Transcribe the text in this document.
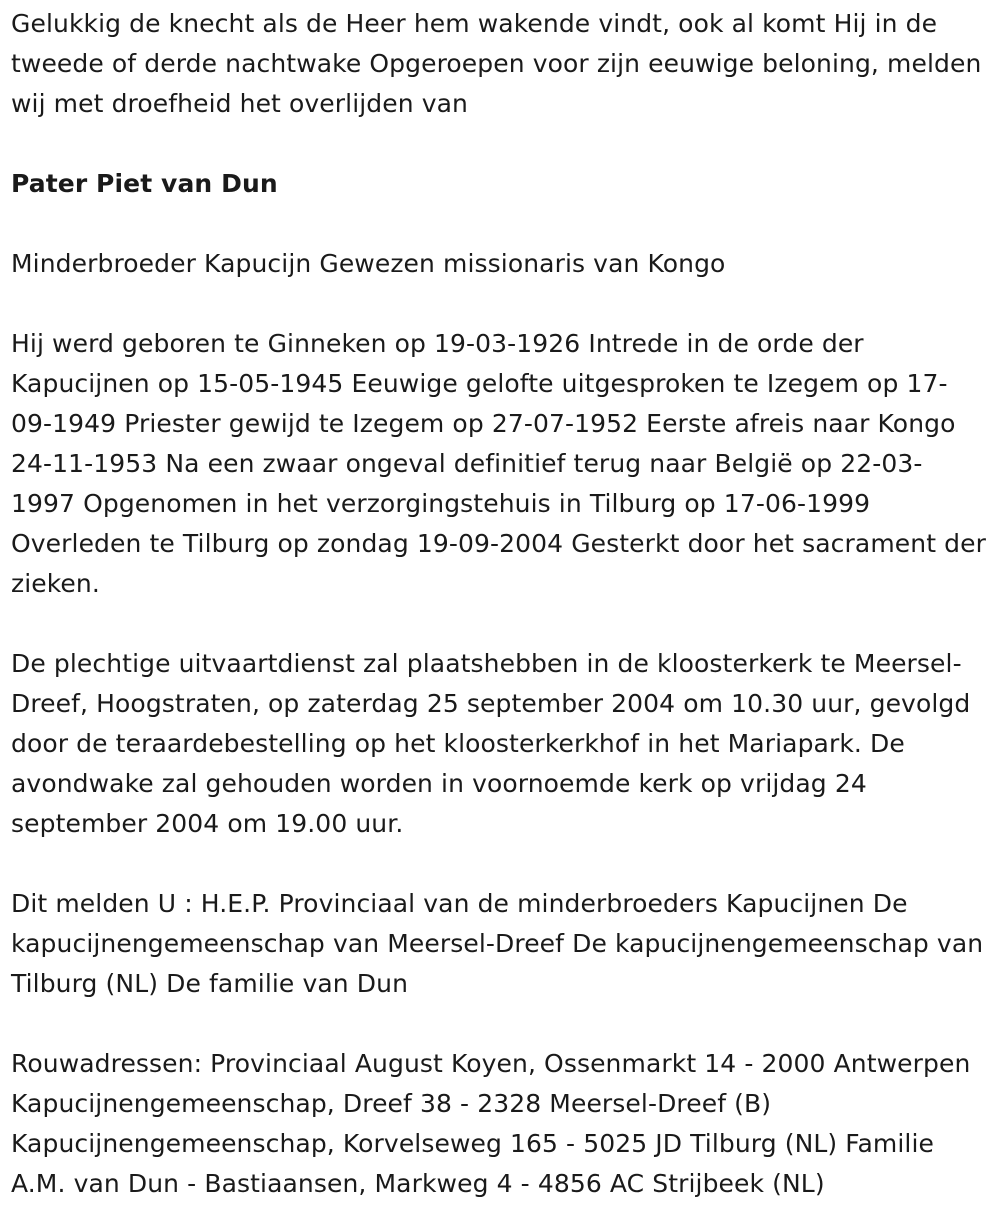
Gelukkig de knecht als de Heer hem wakende vindt, ook al komt Hij in de tweede of derde nachtwake Opgeroepen voor zijn eeuwige beloning, melden wij met droefheid het overlijden van

Pater Piet van Dun

Minderbroeder Kapucijn Gewezen missionaris van Kongo

Hij werd geboren te Ginneken op 19-03-1926 Intrede in de orde der Kapucijnen op 15-05-1945 Eeuwige gelofte uitgesproken te Izegem op 17-09-1949 Priester gewijd te Izegem op 27-07-1952 Eerste afreis naar Kongo 24-11-1953 Na een zwaar ongeval definitief terug naar België op 22-03-1997 Opgenomen in het verzorgingstehuis in Tilburg op 17-06-1999 Overleden te Tilburg op zondag 19-09-2004 Gesterkt door het sacrament der zieken.

De plechtige uitvaartdienst zal plaatshebben in de kloosterkerk te Meersel-Dreef, Hoogstraten, op zaterdag 25 september 2004 om 10.30 uur, gevolgd door de teraardebestelling op het kloosterkerkhof in het Mariapark. De avondwake zal gehouden worden in voornoemde kerk op vrijdag 24 september 2004 om 19.00 uur.

Dit melden U : H.E.P. Provinciaal van de minderbroeders Kapucijnen De kapucijnengemeenschap van Meersel-Dreef De kapucijnengemeenschap van Tilburg (NL) De familie van Dun

Rouwadressen: Provinciaal August Koyen, Ossenmarkt 14 - 2000 Antwerpen Kapucijnengemeenschap, Dreef 38 - 2328 Meersel-Dreef (B) Kapucijnengemeenschap, Korvelseweg 165 - 5025 JD Tilburg (NL) Familie A.M. van Dun - Bastiaansen, Markweg 4 - 4856 AC Strijbeek (NL)
